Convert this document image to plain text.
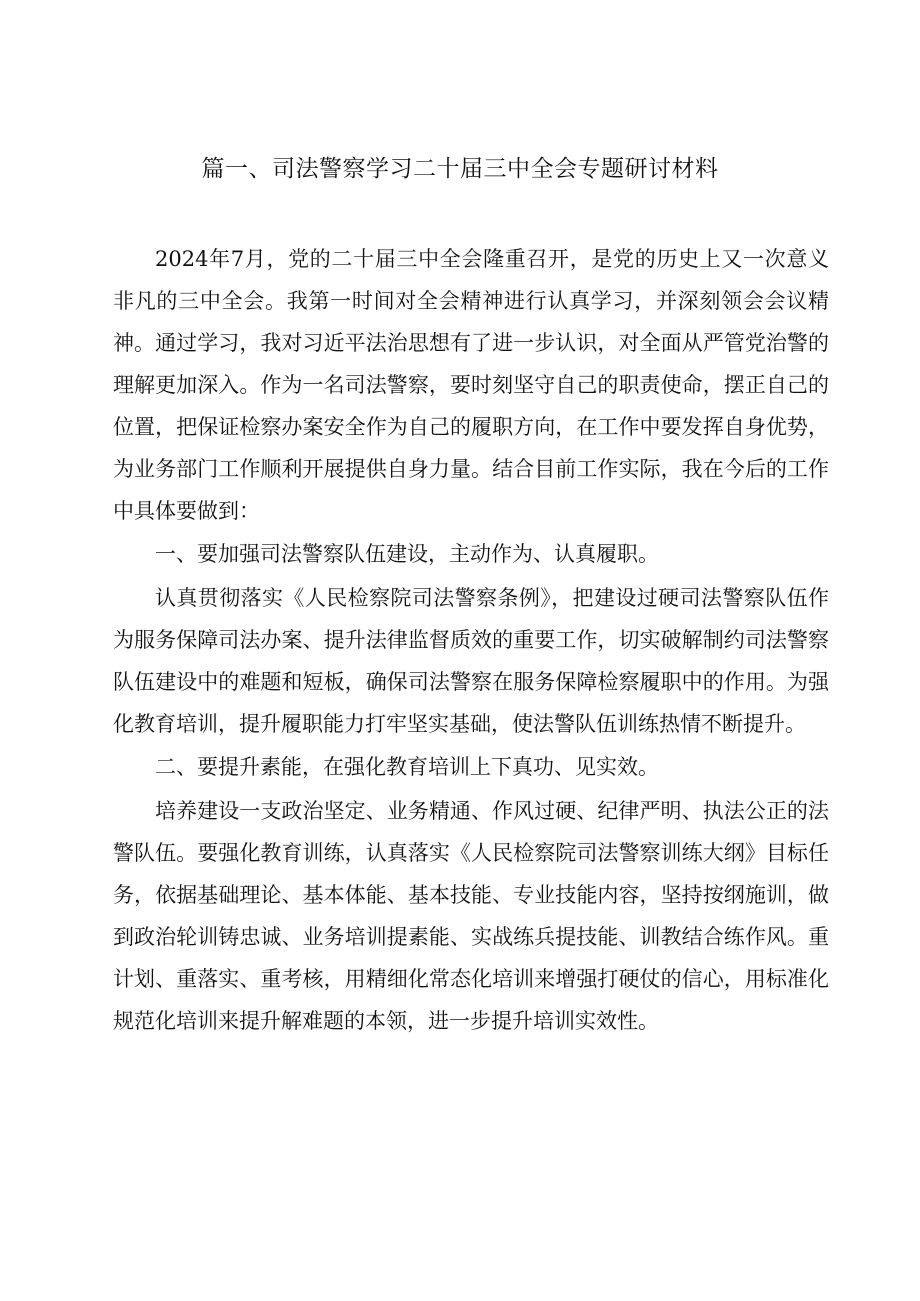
篇一、司法警察学习二十届三中全会专题研讨材料

2024年7月，党的二十届三中全会隆重召开，是党的历史上又一次意义非凡的三中全会。我第一时间对全会精神进行认真学习，并深刻领会会议精神。通过学习，我对习近平法治思想有了进一步认识，对全面从严管党治警的理解更加深入。作为一名司法警察，要时刻坚守自己的职责使命，摆正自己的位置，把保证检察办案安全作为自己的履职方向，在工作中要发挥自身优势，为业务部门工作顺利开展提供自身力量。结合目前工作实际，我在今后的工作中具体要做到：

一、要加强司法警察队伍建设，主动作为、认真履职。

认真贯彻落实《人民检察院司法警察条例》，把建设过硬司法警察队伍作为服务保障司法办案、提升法律监督质效的重要工作，切实破解制约司法警察队伍建设中的难题和短板，确保司法警察在服务保障检察履职中的作用。为强化教育培训，提升履职能力打牢坚实基础，使法警队伍训练热情不断提升。

二、要提升素能，在强化教育培训上下真功、见实效。

培养建设一支政治坚定、业务精通、作风过硬、纪律严明、执法公正的法警队伍。要强化教育训练，认真落实《人民检察院司法警察训练大纲》目标任务，依据基础理论、基本体能、基本技能、专业技能内容，坚持按纲施训，做到政治轮训铸忠诚、业务培训提素能、实战练兵提技能、训教结合练作风。重计划、重落实、重考核，用精细化常态化培训来增强打硬仗的信心，用标准化规范化培训来提升解难题的本领，进一步提升培训实效性。
